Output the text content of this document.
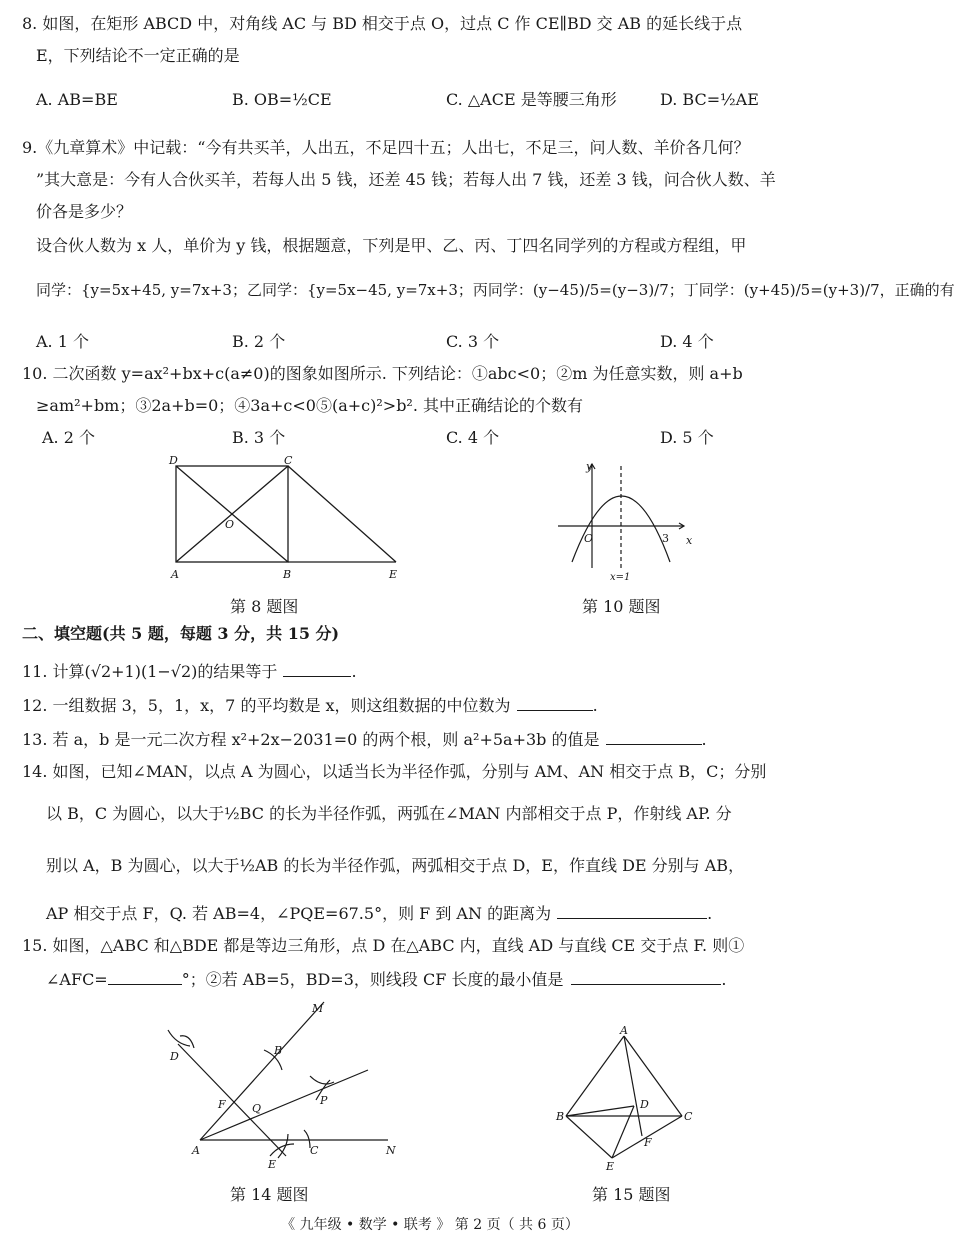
8. 如图，在矩形 ABCD 中，对角线 AC 与 BD 相交于点 O，过点 C 作 CE∥BD 交 AB 的延长线于点
E，下列结论不一定正确的是
A. AB=BE	B. OB=½CE	C. △ACE 是等腰三角形	D. BC=½AE
9.《九章算术》中记载：“今有共买羊，人出五，不足四十五；人出七，不足三，问人数、羊价各几何？
”其大意是：今有人合伙买羊，若每人出 5 钱，还差 45 钱；若每人出 7 钱，还差 3 钱，问合伙人数、羊
价各是多少？
设合伙人数为 x 人，单价为 y 钱，根据题意，下列是甲、乙、丙、丁四名同学列的方程或方程组，甲
同学：{y=5x+45, y=7x+3；乙同学：{y=5x−45, y=7x+3；丙同学：(y−45)/5=(y−3)/7；丁同学：(y+45)/5=(y+3)/7，正确的有
A. 1 个	B. 2 个	C. 3 个	D. 4 个
10. 二次函数 y=ax²+bx+c(a≠0)的图象如图所示. 下列结论：①abc<0；②m 为任意实数，则 a+b
≥am²+bm；③2a+b=0；④3a+c<0⑤(a+c)²>b². 其中正确结论的个数有
A. 2 个	B. 3 个	C. 4 个	D. 5 个
D	C
A	B	E
O
第 8 题图
y
x
O	3
x=1
第 10 题图
二、填空题(共 5 题，每题 3 分，共 15 分)
11. 计算(√2+1)(1−√2)的结果等于	.
12. 一组数据 3，5，1，x，7 的平均数是 x，则这组数据的中位数为	.
13. 若 a，b 是一元二次方程 x²+2x−2031=0 的两个根，则 a²+5a+3b 的值是	.
14. 如图，已知∠MAN，以点 A 为圆心，以适当长为半径作弧，分别与 AM、AN 相交于点 B，C；分别
以 B，C 为圆心，以大于½BC 的长为半径作弧，两弧在∠MAN 内部相交于点 P，作射线 AP. 分
别以 A，B 为圆心，以大于½AB 的长为半径作弧，两弧相交于点 D，E，作直线 DE 分别与 AB，
AP 相交于点 F，Q. 若 AB=4，∠PQE=67.5°，则 F 到 AN 的距离为	.
15. 如图，△ABC 和△BDE 都是等边三角形，点 D 在△ABC 内，直线 AD 与直线 CE 交于点 F. 则①
∠AFC=	°；②若 AB=5，BD=3，则线段 CF 长度的最小值是	.
M
B
D
F Q
P
A
E
C	N
第 14 题图
A
B	C
D
E
F
第 15 题图
《 九年级 • 数学 • 联考 》 第 2 页（ 共 6 页）
